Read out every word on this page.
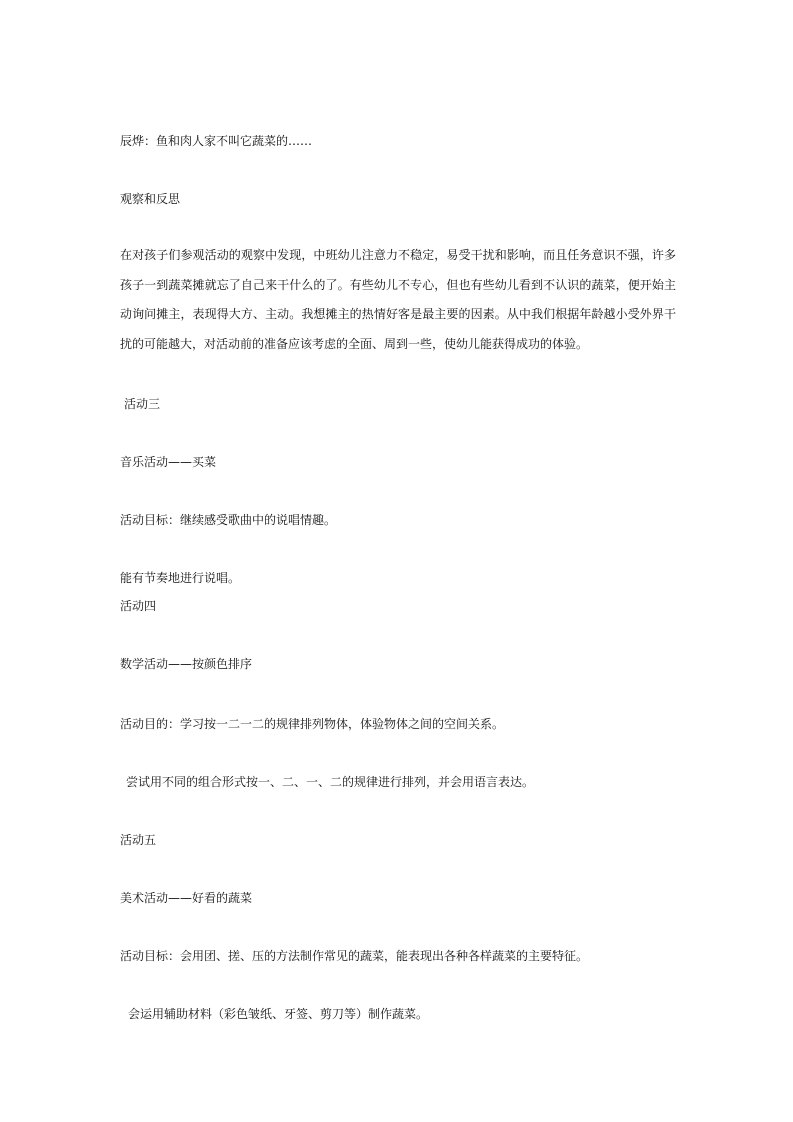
辰烨：鱼和肉人家不叫它蔬菜的……
观察和反思
在对孩子们参观活动的观察中发现，中班幼儿注意力不稳定，易受干扰和影响，而且任务意识不强，许多孩子一到蔬菜摊就忘了自己来干什么的了。有些幼儿不专心，但也有些幼儿看到不认识的蔬菜，便开始主动询问摊主，表现得大方、主动。我想摊主的热情好客是最主要的因素。从中我们根据年龄越小受外界干扰的可能越大，对活动前的准备应该考虑的全面、周到一些，使幼儿能获得成功的体验。
活动三
音乐活动——买菜
活动目标：继续感受歌曲中的说唱情趣。
能有节奏地进行说唱。
活动四
数学活动——按颜色排序
活动目的：学习按一二一二的规律排列物体，体验物体之间的空间关系。
尝试用不同的组合形式按一、二、一、二的规律进行排列，并会用语言表达。
活动五
美术活动——好看的蔬菜
活动目标：会用团、搓、压的方法制作常见的蔬菜，能表现出各种各样蔬菜的主要特征。
会运用辅助材料（彩色皱纸、牙签、剪刀等）制作蔬菜。
